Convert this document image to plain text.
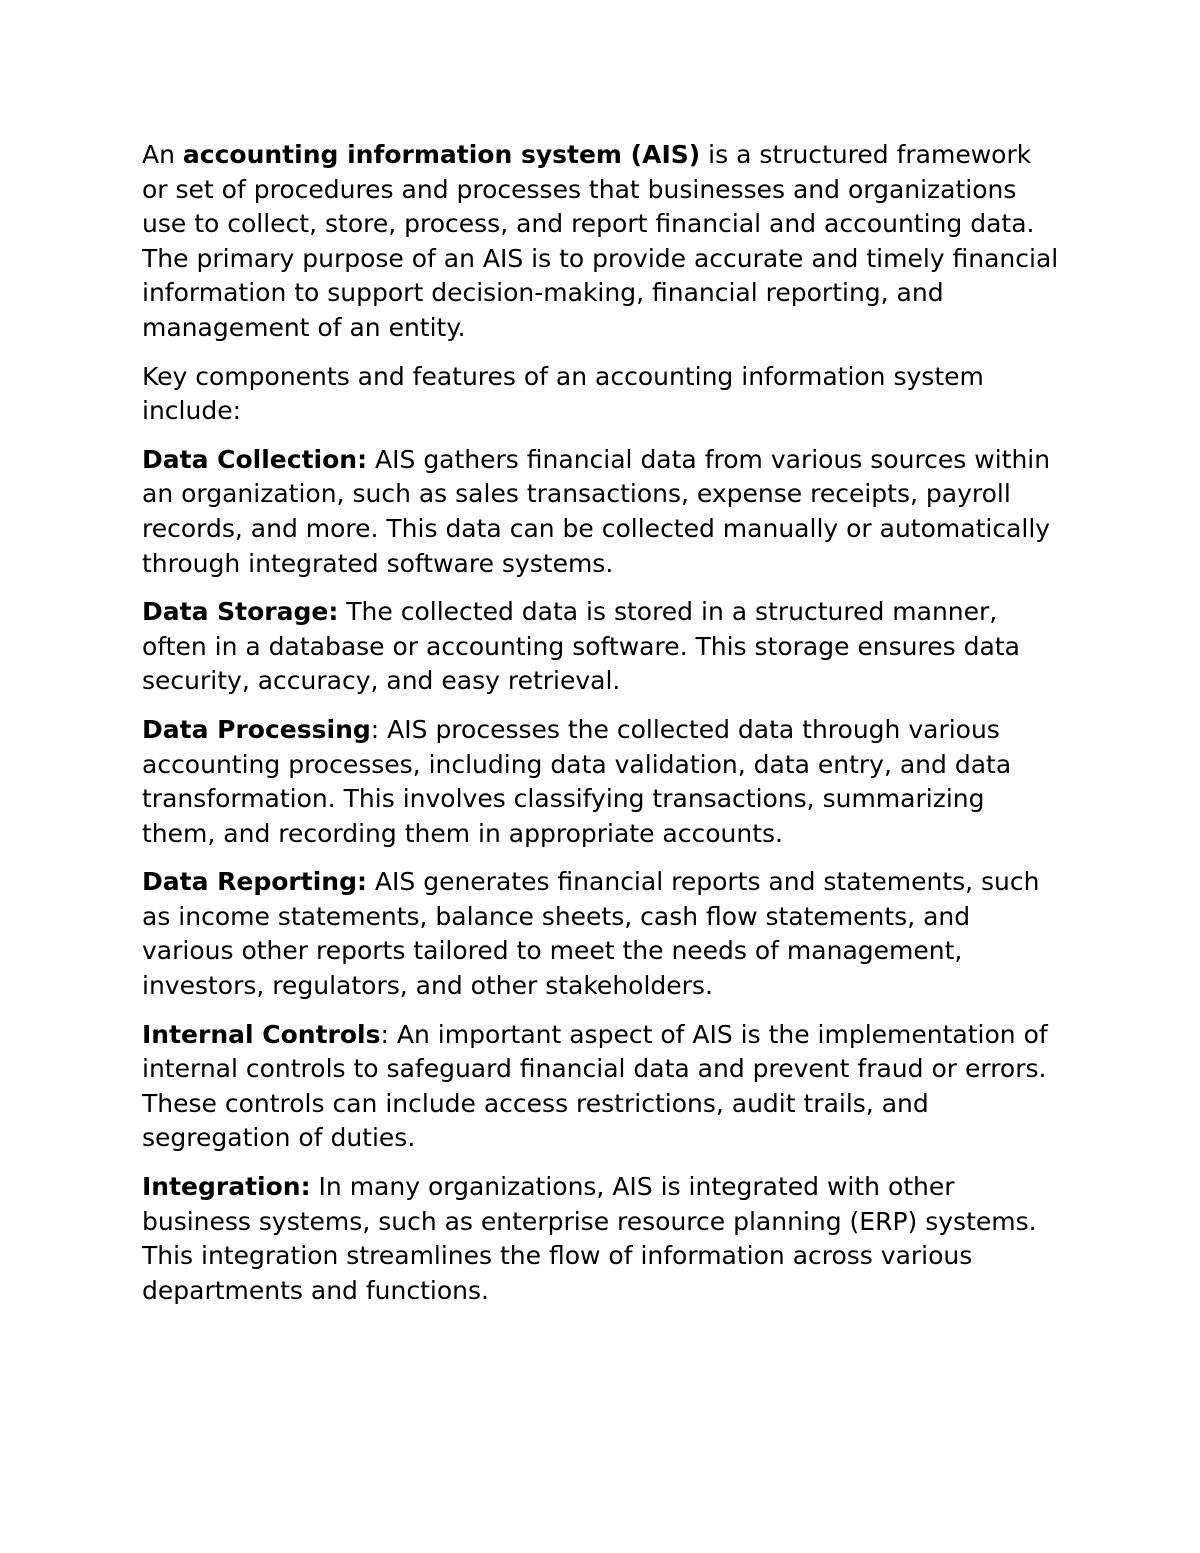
An accounting information system (AIS) is a structured framework or set of procedures and processes that businesses and organizations use to collect, store, process, and report financial and accounting data. The primary purpose of an AIS is to provide accurate and timely financial information to support decision-making, financial reporting, and management of an entity.

Key components and features of an accounting information system include:

Data Collection: AIS gathers financial data from various sources within an organization, such as sales transactions, expense receipts, payroll records, and more. This data can be collected manually or automatically through integrated software systems.

Data Storage: The collected data is stored in a structured manner, often in a database or accounting software. This storage ensures data security, accuracy, and easy retrieval.

Data Processing: AIS processes the collected data through various accounting processes, including data validation, data entry, and data transformation. This involves classifying transactions, summarizing them, and recording them in appropriate accounts.

Data Reporting: AIS generates financial reports and statements, such as income statements, balance sheets, cash flow statements, and various other reports tailored to meet the needs of management, investors, regulators, and other stakeholders.

Internal Controls: An important aspect of AIS is the implementation of internal controls to safeguard financial data and prevent fraud or errors. These controls can include access restrictions, audit trails, and segregation of duties.

Integration: In many organizations, AIS is integrated with other business systems, such as enterprise resource planning (ERP) systems. This integration streamlines the flow of information across various departments and functions.
